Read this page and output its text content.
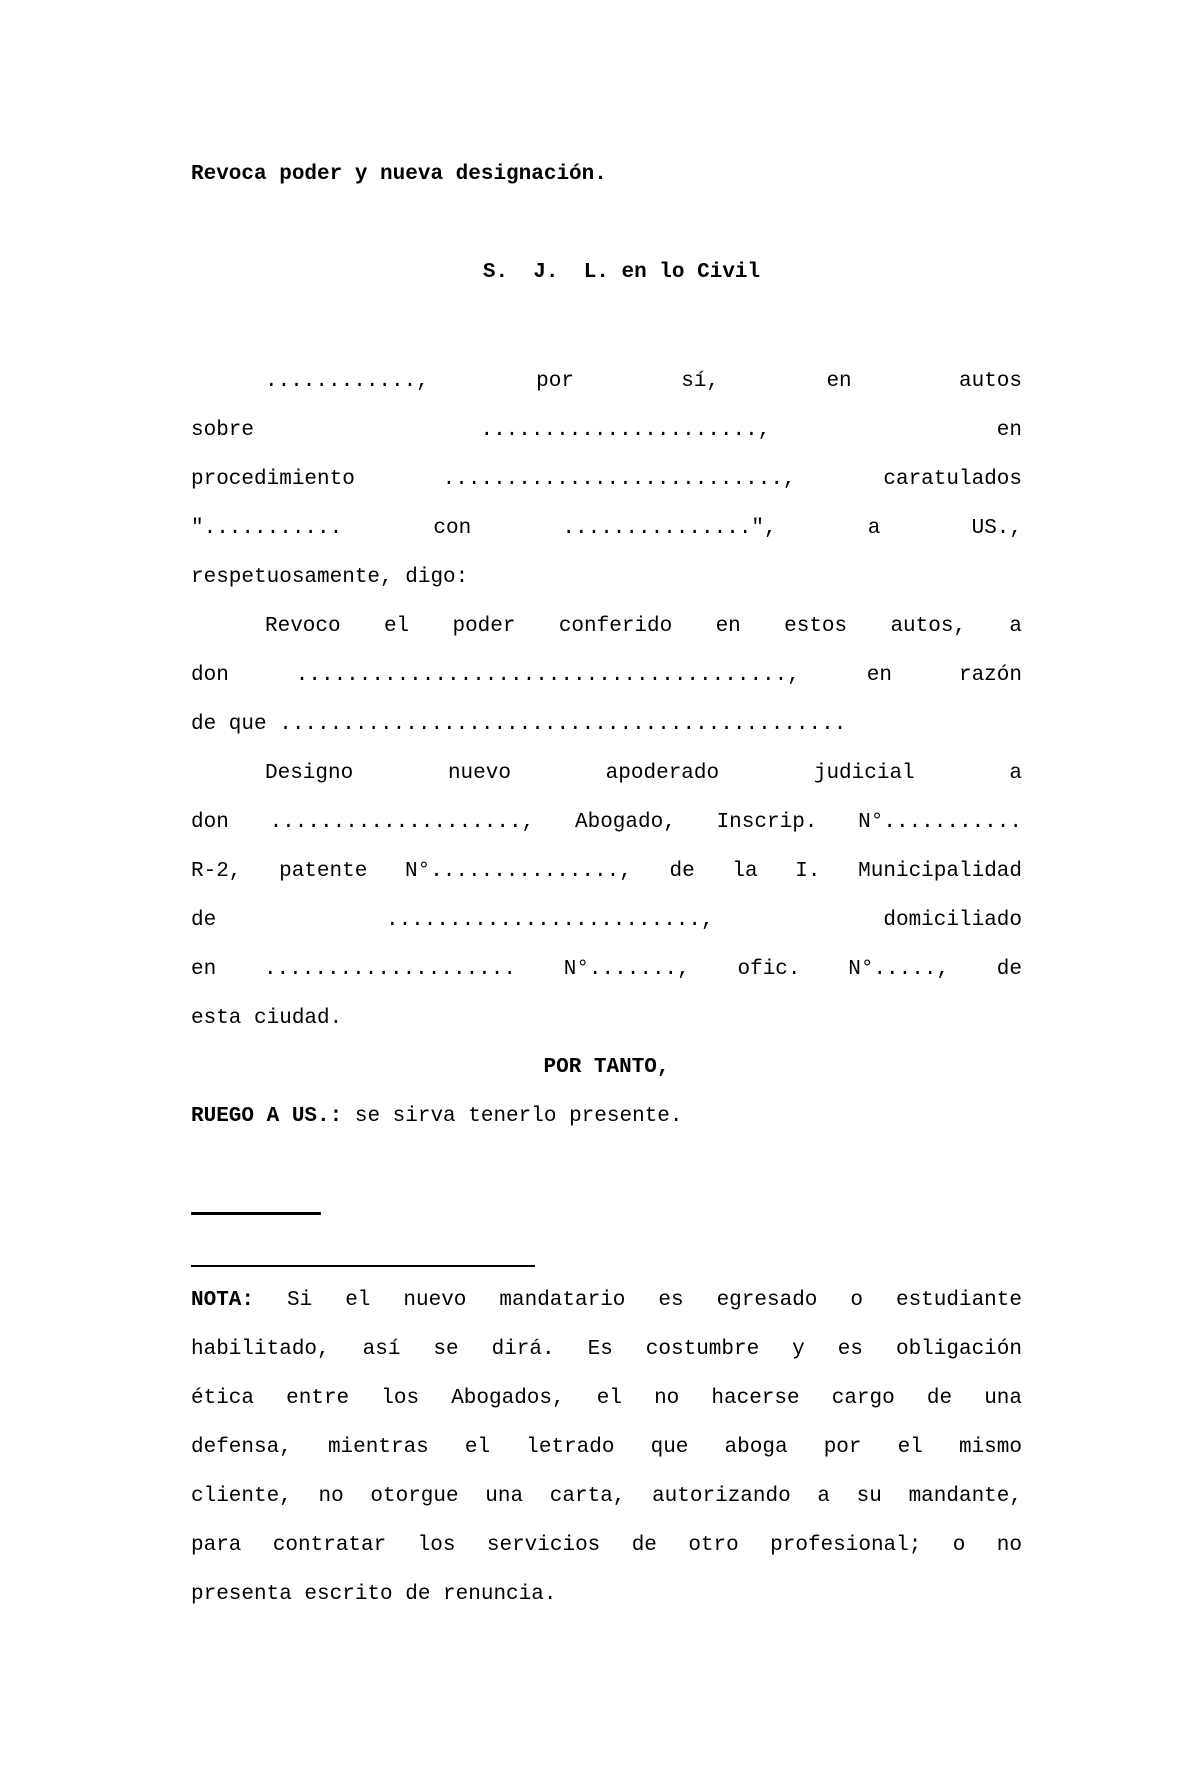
Revoca poder y nueva designación.

S.  J.  L. en lo Civil

............, por sí, en autos

sobre ......................, en

procedimiento ..........................., caratulados

"........... con ...............", a US.,

respetuosamente, digo:

Revoco el poder conferido en estos autos, a

don ......................................., en razón

de que .............................................

Designo nuevo apoderado judicial a

don ...................., Abogado, Inscrip. N°...........

R-2, patente N°..............., de la I. Municipalidad

de ........................., domiciliado

en .................... N°......., ofic. N°....., de

esta ciudad.

POR TANTO,

RUEGO A US.: se sirva tenerlo presente.

NOTA: Si el nuevo mandatario es egresado o estudiante

habilitado, así se dirá. Es costumbre y es obligación

ética entre los Abogados, el no hacerse cargo de una

defensa, mientras el letrado que aboga por el mismo

cliente, no otorgue una carta, autorizando a su mandante,

para contratar los servicios de otro profesional; o no

presenta escrito de renuncia.
